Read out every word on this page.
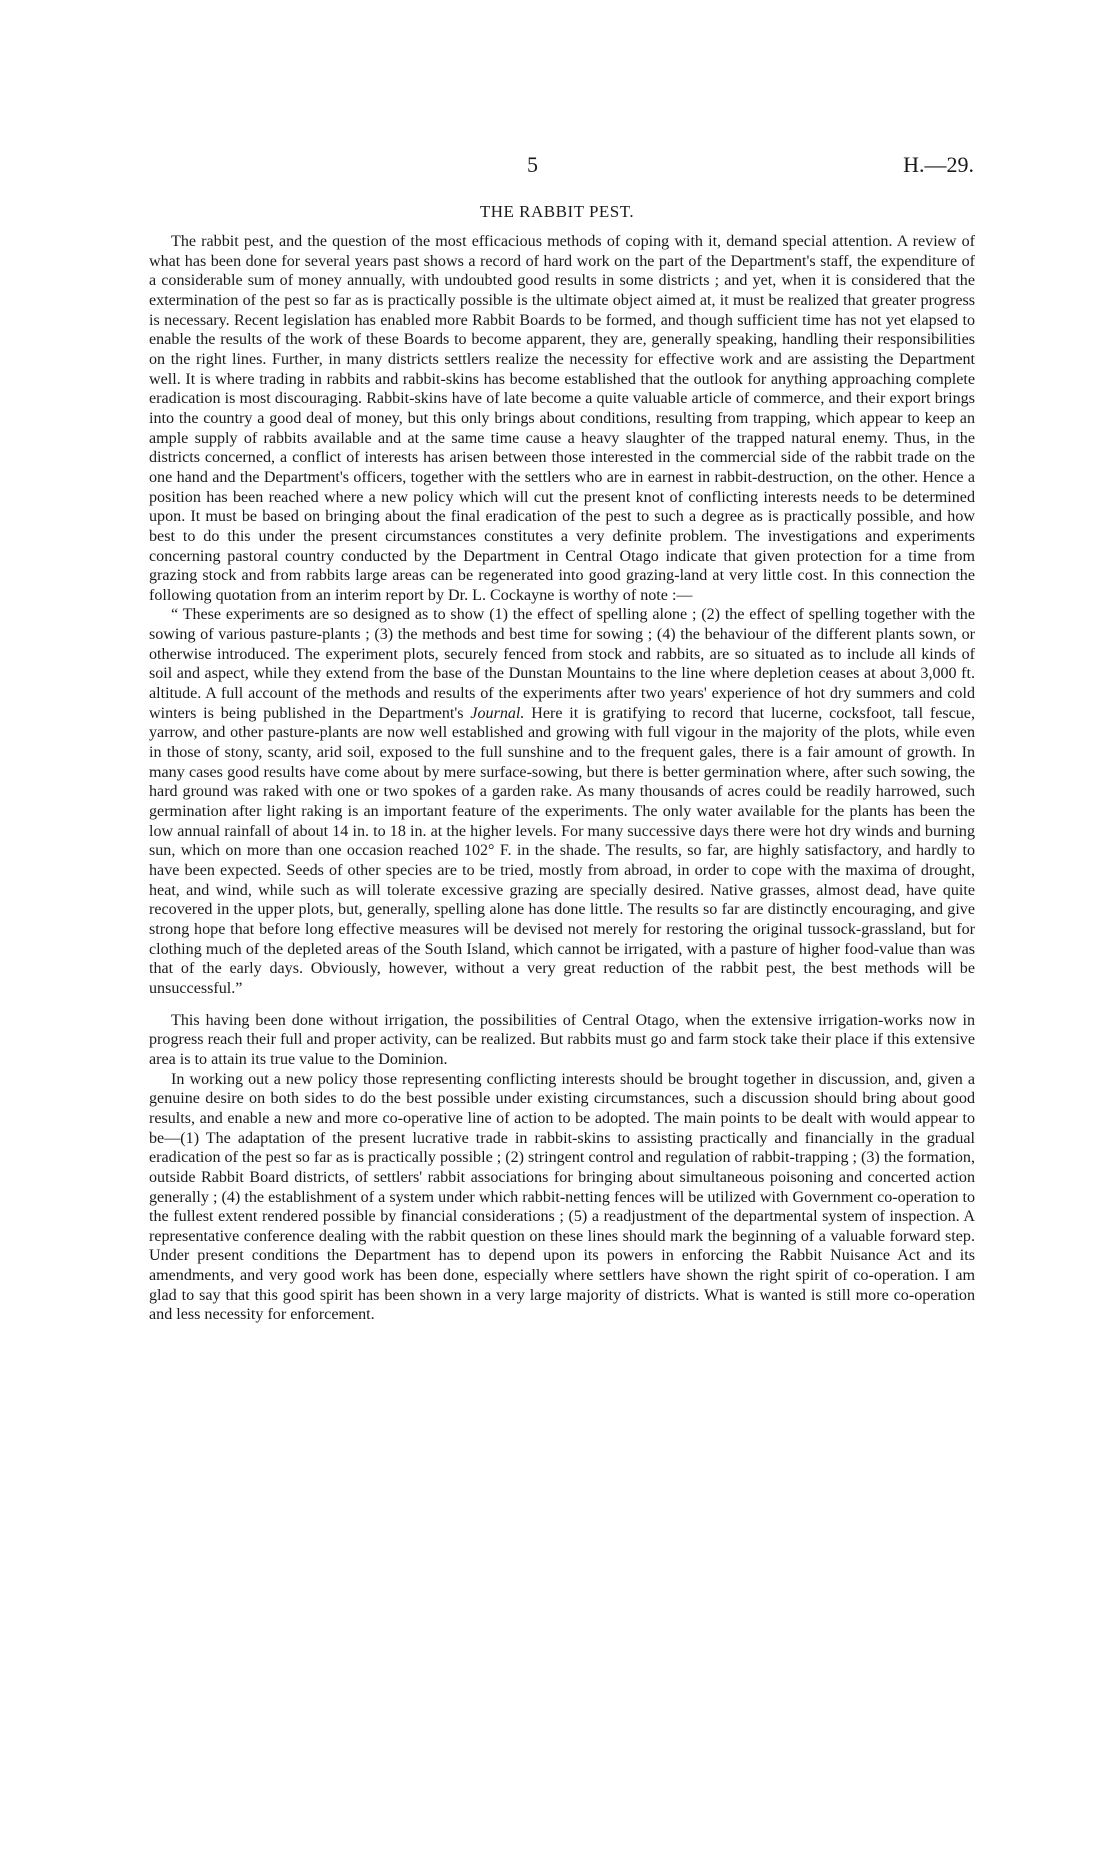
5	H.—29.
THE RABBIT PEST.

The rabbit pest, and the question of the most efficacious methods of coping with it, demand special attention. A review of what has been done for several years past shows a record of hard work on the part of the Department's staff, the expenditure of a considerable sum of money annually, with undoubted good results in some districts ; and yet, when it is considered that the extermination of the pest so far as is practically possible is the ultimate object aimed at, it must be realized that greater progress is necessary. Recent legislation has enabled more Rabbit Boards to be formed, and though sufficient time has not yet elapsed to enable the results of the work of these Boards to become apparent, they are, generally speaking, handling their responsibilities on the right lines. Further, in many districts settlers realize the necessity for effective work and are assisting the Department well. It is where trading in rabbits and rabbit-skins has become established that the outlook for anything approaching complete eradication is most discouraging. Rabbit-skins have of late become a quite valuable article of commerce, and their export brings into the country a good deal of money, but this only brings about conditions, resulting from trapping, which appear to keep an ample supply of rabbits available and at the same time cause a heavy slaughter of the trapped natural enemy. Thus, in the districts concerned, a conflict of interests has arisen between those interested in the commercial side of the rabbit trade on the one hand and the Department's officers, together with the settlers who are in earnest in rabbit-destruction, on the other. Hence a position has been reached where a new policy which will cut the present knot of conflicting interests needs to be determined upon. It must be based on bringing about the final eradication of the pest to such a degree as is practically possible, and how best to do this under the present circumstances constitutes a very definite problem. The investigations and experiments concerning pastoral country conducted by the Department in Central Otago indicate that given protection for a time from grazing stock and from rabbits large areas can be regenerated into good grazing-land at very little cost. In this connection the following quotation from an interim report by Dr. L. Cockayne is worthy of note :—

“ These experiments are so designed as to show (1) the effect of spelling alone ; (2) the effect of spelling together with the sowing of various pasture-plants ; (3) the methods and best time for sowing ; (4) the behaviour of the different plants sown, or otherwise introduced. The experiment plots, securely fenced from stock and rabbits, are so situated as to include all kinds of soil and aspect, while they extend from the base of the Dunstan Mountains to the line where depletion ceases at about 3,000 ft. altitude. A full account of the methods and results of the experiments after two years' experience of hot dry summers and cold winters is being published in the Department's Journal. Here it is gratifying to record that lucerne, cocksfoot, tall fescue, yarrow, and other pasture-plants are now well established and growing with full vigour in the majority of the plots, while even in those of stony, scanty, arid soil, exposed to the full sunshine and to the frequent gales, there is a fair amount of growth. In many cases good results have come about by mere surface-sowing, but there is better germination where, after such sowing, the hard ground was raked with one or two spokes of a garden rake. As many thousands of acres could be readily harrowed, such germination after light raking is an important feature of the experiments. The only water available for the plants has been the low annual rainfall of about 14 in. to 18 in. at the higher levels. For many successive days there were hot dry winds and burning sun, which on more than one occasion reached 102° F. in the shade. The results, so far, are highly satisfactory, and hardly to have been expected. Seeds of other species are to be tried, mostly from abroad, in order to cope with the maxima of drought, heat, and wind, while such as will tolerate excessive grazing are specially desired. Native grasses, almost dead, have quite recovered in the upper plots, but, generally, spelling alone has done little. The results so far are distinctly encouraging, and give strong hope that before long effective measures will be devised not merely for restoring the original tussock-grassland, but for clothing much of the depleted areas of the South Island, which cannot be irrigated, with a pasture of higher food-value than was that of the early days. Obviously, however, without a very great reduction of the rabbit pest, the best methods will be unsuccessful.”

This having been done without irrigation, the possibilities of Central Otago, when the extensive irrigation-works now in progress reach their full and proper activity, can be realized. But rabbits must go and farm stock take their place if this extensive area is to attain its true value to the Dominion.

In working out a new policy those representing conflicting interests should be brought together in discussion, and, given a genuine desire on both sides to do the best possible under existing circumstances, such a discussion should bring about good results, and enable a new and more co-operative line of action to be adopted. The main points to be dealt with would appear to be—(1) The adaptation of the present lucrative trade in rabbit-skins to assisting practically and financially in the gradual eradication of the pest so far as is practically possible ; (2) stringent control and regulation of rabbit-trapping ; (3) the formation, outside Rabbit Board districts, of settlers' rabbit associations for bringing about simultaneous poisoning and concerted action generally ; (4) the establishment of a system under which rabbit-netting fences will be utilized with Government co-operation to the fullest extent rendered possible by financial considerations ; (5) a readjustment of the departmental system of inspection. A representative conference dealing with the rabbit question on these lines should mark the beginning of a valuable forward step. Under present conditions the Department has to depend upon its powers in enforcing the Rabbit Nuisance Act and its amendments, and very good work has been done, especially where settlers have shown the right spirit of co-operation. I am glad to say that this good spirit has been shown in a very large majority of districts. What is wanted is still more co-operation and less necessity for enforcement.
